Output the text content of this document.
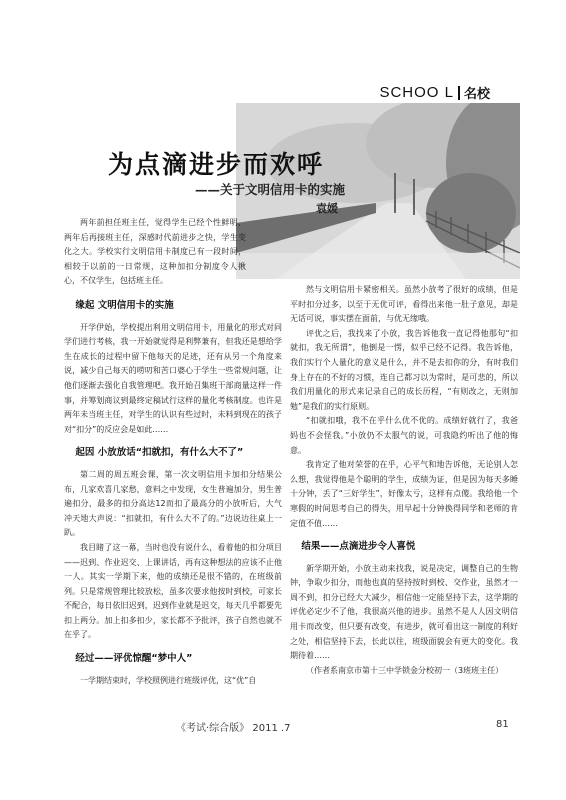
SCHOO L 名校
为点滴进步而欢呼
——关于文明信用卡的实施
袁媛

两年前担任班主任，觉得学生已经个性鲜明，两年后再接班主任，深感时代前进步之快，学生变化之大。学校实行文明信用卡制度已有一段时间，相较于以前的一日常规，这种加扣分制度令人揪心，不仅学生，包括班主任。

缘起 文明信用卡的实施

开学伊始，学校提出利用文明信用卡，用量化的形式对同学们进行考核，我一开始就觉得是利弊兼有，但我还是想给学生在成长的过程中留下他每天的足迹，还有从另一个角度来说，减少自己每天的唠叨和苦口婆心于学生一些常规问题，让他们逐渐去强化自我管理吧。我开始召集班干部商量这样一件事，并筹划商议到最终定稿试行这样的量化考核制度。也许是两年未当班主任，对学生的认识有些过时，未料到现在的孩子对“扣分”的反应会是如此……

起因 小放放话“扣就扣，有什么大不了”

第二周的周五班会课，第一次文明信用卡加扣分结果公布，几家欢喜几家愁，意料之中发现，女生普遍加分，男生普遍扣分，最多的扣分高达12而扣了最高分的小放听后，大气冲天地大声说：“扣就扣，有什么大不了的。”边说边往桌上一趴。

我目睹了这一幕，当时也没有说什么，看着他的扣分项目——迟到、作业迟交、上课讲话，再有这种想法的应该不止他一人。其实一学期下来，他的成绩还是很不错的，在班级前列。只是常规管理比较放松，虽多次要求他按时到校，可家长不配合，每日依旧迟到，迟到作业就是迟交，每天几乎都要先扣上两分。加上扣多扣少，家长都不予批评，孩子自然也就不在乎了。

经过——评优惊醒“梦中人”

一学期结束时，学校照例进行班级评优，这“优”自

然与文明信用卡紧密相关。虽然小放考了很好的成绩，但是平时扣分过多，以至于无优可评，看得出来他一肚子意见，却是无话可说，事实摆在面前，与优无缘哦。

评优之后，我找来了小放，我告诉他我一直记得他那句“扣就扣，我无所谓”，他倒是一愣，似乎已经不记得。我告诉他，我们实行个人量化的意义是什么，并不是去扣你的分，有时我们身上存在的不好的习惯，连自己都习以为常时，是可悲的，所以我们用量化的形式来记录自己的成长历程，“有则改之，无则加勉”是我们的实行原则。

“扣就扣哦，我不在乎什么优不优的。成绩好就行了，我爸妈也不会怪我。”小放仍不太服气的说，可我隐约听出了他的悔意。

我肯定了他对荣誉的在乎，心平气和地告诉他，无论别人怎么想，我觉得他是个聪明的学生，成绩为证，但是因为每天多睡十分钟，丢了“三好学生”，好像太亏，这样有点傻。我给他一个寒假的时间思考自己的得失，用早起十分钟换得同学和老师的肯定值不值……

结果——点滴进步令人喜悦

新学期开始，小放主动来找我，说是决定，调整自己的生物钟，争取少扣分，而他也真的坚持按时到校、交作业，虽然才一周不到，扣分已经大大减少，相信他一定能坚持下去，这学期的评优必定少不了他，我很高兴他的进步。虽然不是人人因文明信用卡而改变，但只要有改变，有进步，就可看出这一制度的利好之处，相信坚持下去，长此以往，班级面貌会有更大的变化。我期待着……

（作者系南京市第十三中学锁金分校初一（3班班主任）

《考试·综合版》 2011 .7	81
